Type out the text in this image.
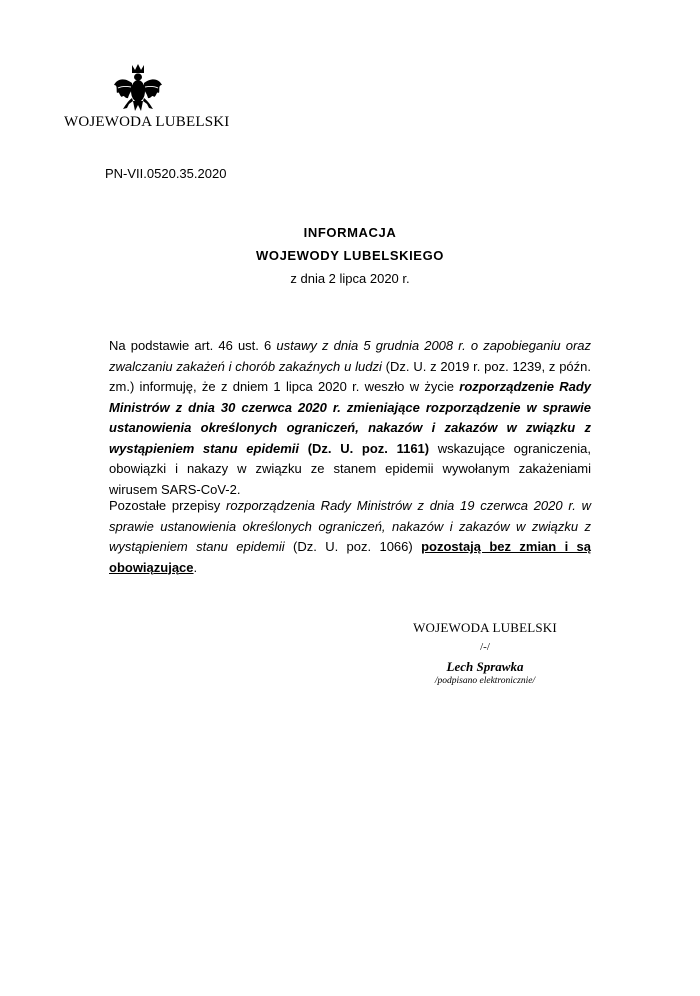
WOJEWODA LUBELSKI
PN-VII.0520.35.2020
INFORMACJA
WOJEWODY LUBELSKIEGO
z dnia 2 lipca 2020 r.

Na podstawie art. 46 ust. 6 ustawy z dnia 5 grudnia 2008 r. o zapobieganiu oraz zwalczaniu zakażeń i chorób zakaźnych u ludzi (Dz. U. z 2019 r. poz. 1239, z późn. zm.) informuję, że z dniem 1 lipca 2020 r. weszło w życie rozporządzenie Rady Ministrów z dnia 30 czerwca 2020 r. zmieniające rozporządzenie w sprawie ustanowienia określonych ograniczeń, nakazów i zakazów w związku z wystąpieniem stanu epidemii (Dz. U. poz. 1161) wskazujące ograniczenia, obowiązki i nakazy w związku ze stanem epidemii wywołanym zakażeniami wirusem SARS-CoV-2.

Pozostałe przepisy rozporządzenia Rady Ministrów z dnia 19 czerwca 2020 r. w sprawie ustanowienia określonych ograniczeń, nakazów i zakazów w związku z wystąpieniem stanu epidemii (Dz. U. poz. 1066) pozostają bez zmian i są obowiązujące.

WOJEWODA LUBELSKI
/-/
Lech Sprawka
/podpisano elektronicznie/
